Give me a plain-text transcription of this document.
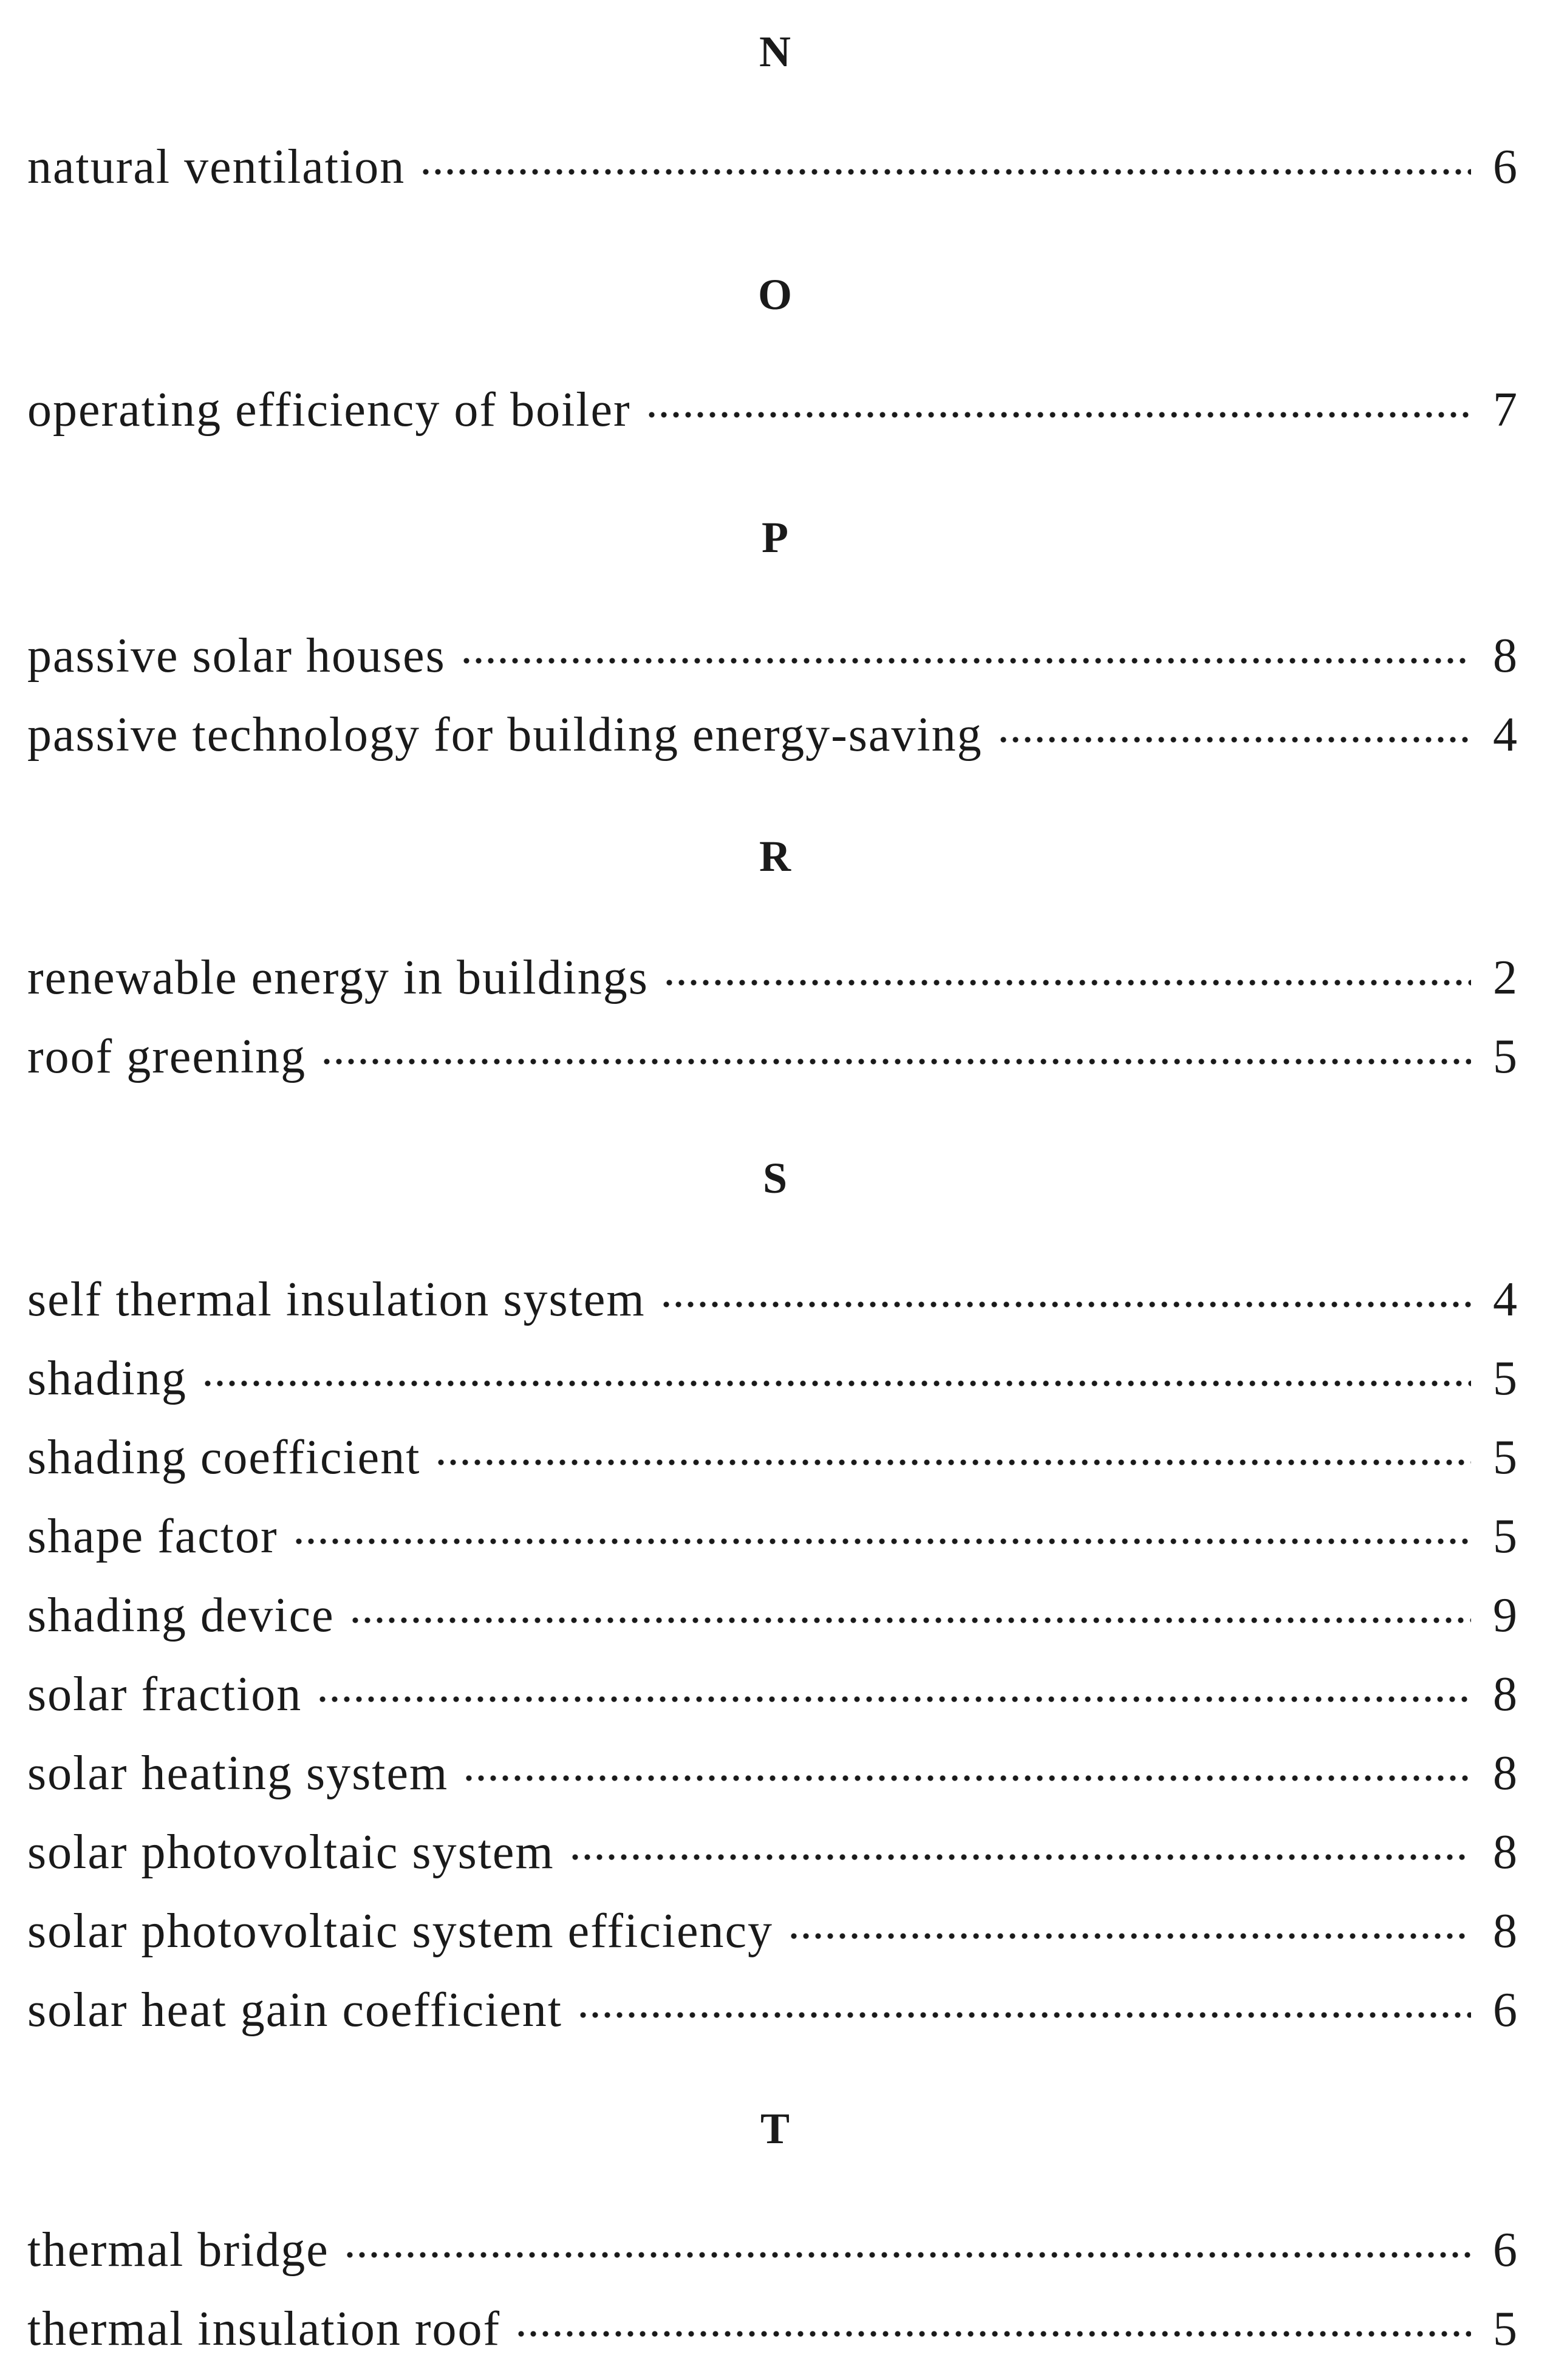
N
natural ventilation	6
O
operating efficiency of boiler	7
P
passive solar houses	8
passive technology for building energy-saving	4
R
renewable energy in buildings	2
roof greening	5
S
self thermal insulation system	4
shading	5
shading coefficient	5
shape factor	5
shading device	9
solar fraction	8
solar heating system	8
solar photovoltaic system	8
solar photovoltaic system efficiency	8
solar heat gain coefficient	6
T
thermal bridge	6
thermal insulation roof	5
